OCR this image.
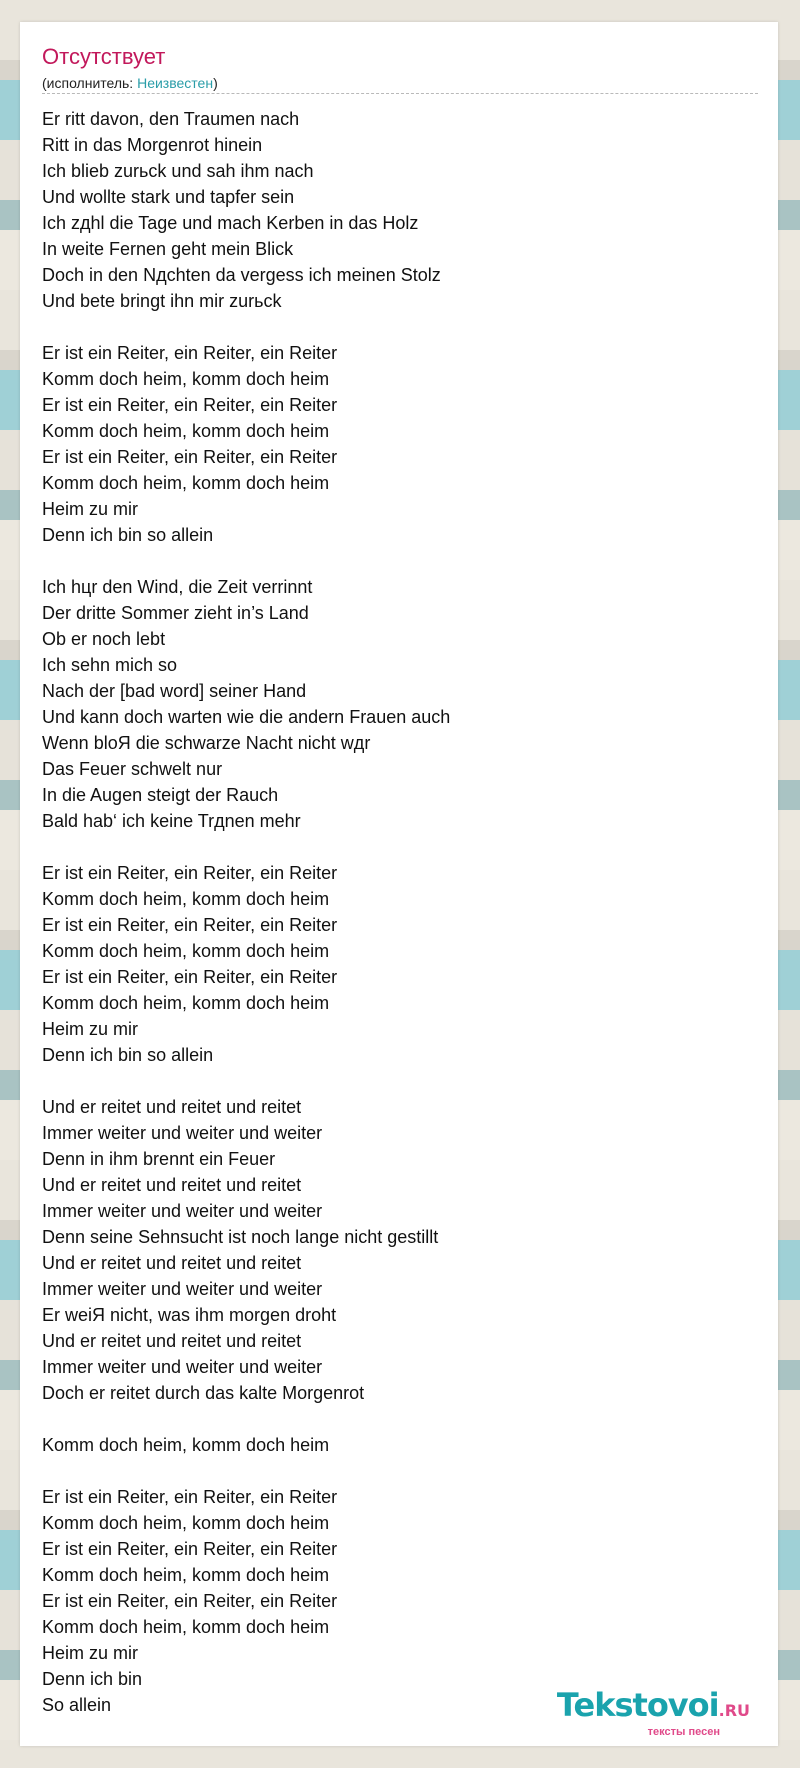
Отсутствует
(исполнитель: Неизвестен)
Er ritt davon, den Traumen nach
Ritt in das Morgenrot hinein
Ich blieb zurьck und sah ihm nach
Und wollte stark und tapfer sein
Ich zдhl die Tage und mach Kerben in das Holz
In weite Fernen geht mein Blick
Doch in den Nдchten da vergess ich meinen Stolz
Und bete bringt ihn mir zurьck
Er ist ein Reiter, ein Reiter, ein Reiter
Komm doch heim, komm doch heim
Er ist ein Reiter, ein Reiter, ein Reiter
Komm doch heim, komm doch heim
Er ist ein Reiter, ein Reiter, ein Reiter
Komm doch heim, komm doch heim
Heim zu mir
Denn ich bin so allein
Ich hцr den Wind, die Zeit verrinnt
Der dritte Sommer zieht in’s Land
Ob er noch lebt
Ich sehn mich so
Nach der [bad word] seiner Hand
Und kann doch warten wie die andern Frauen auch
Wenn bloЯ die schwarze Nacht nicht wдr
Das Feuer schwelt nur
In die Augen steigt der Rauch
Bald hab‘ ich keine Trдnen mehr
Er ist ein Reiter, ein Reiter, ein Reiter
Komm doch heim, komm doch heim
Er ist ein Reiter, ein Reiter, ein Reiter
Komm doch heim, komm doch heim
Er ist ein Reiter, ein Reiter, ein Reiter
Komm doch heim, komm doch heim
Heim zu mir
Denn ich bin so allein
Und er reitet und reitet und reitet
Immer weiter und weiter und weiter
Denn in ihm brennt ein Feuer
Und er reitet und reitet und reitet
Immer weiter und weiter und weiter
Denn seine Sehnsucht ist noch lange nicht gestillt
Und er reitet und reitet und reitet
Immer weiter und weiter und weiter
Er weiЯ nicht, was ihm morgen droht
Und er reitet und reitet und reitet
Immer weiter und weiter und weiter
Doch er reitet durch das kalte Morgenrot
Komm doch heim, komm doch heim
Er ist ein Reiter, ein Reiter, ein Reiter
Komm doch heim, komm doch heim
Er ist ein Reiter, ein Reiter, ein Reiter
Komm doch heim, komm doch heim
Er ist ein Reiter, ein Reiter, ein Reiter
Komm doch heim, komm doch heim
Heim zu mir
Denn ich bin
So allein	Tekstovoi.RU
тексты песен
